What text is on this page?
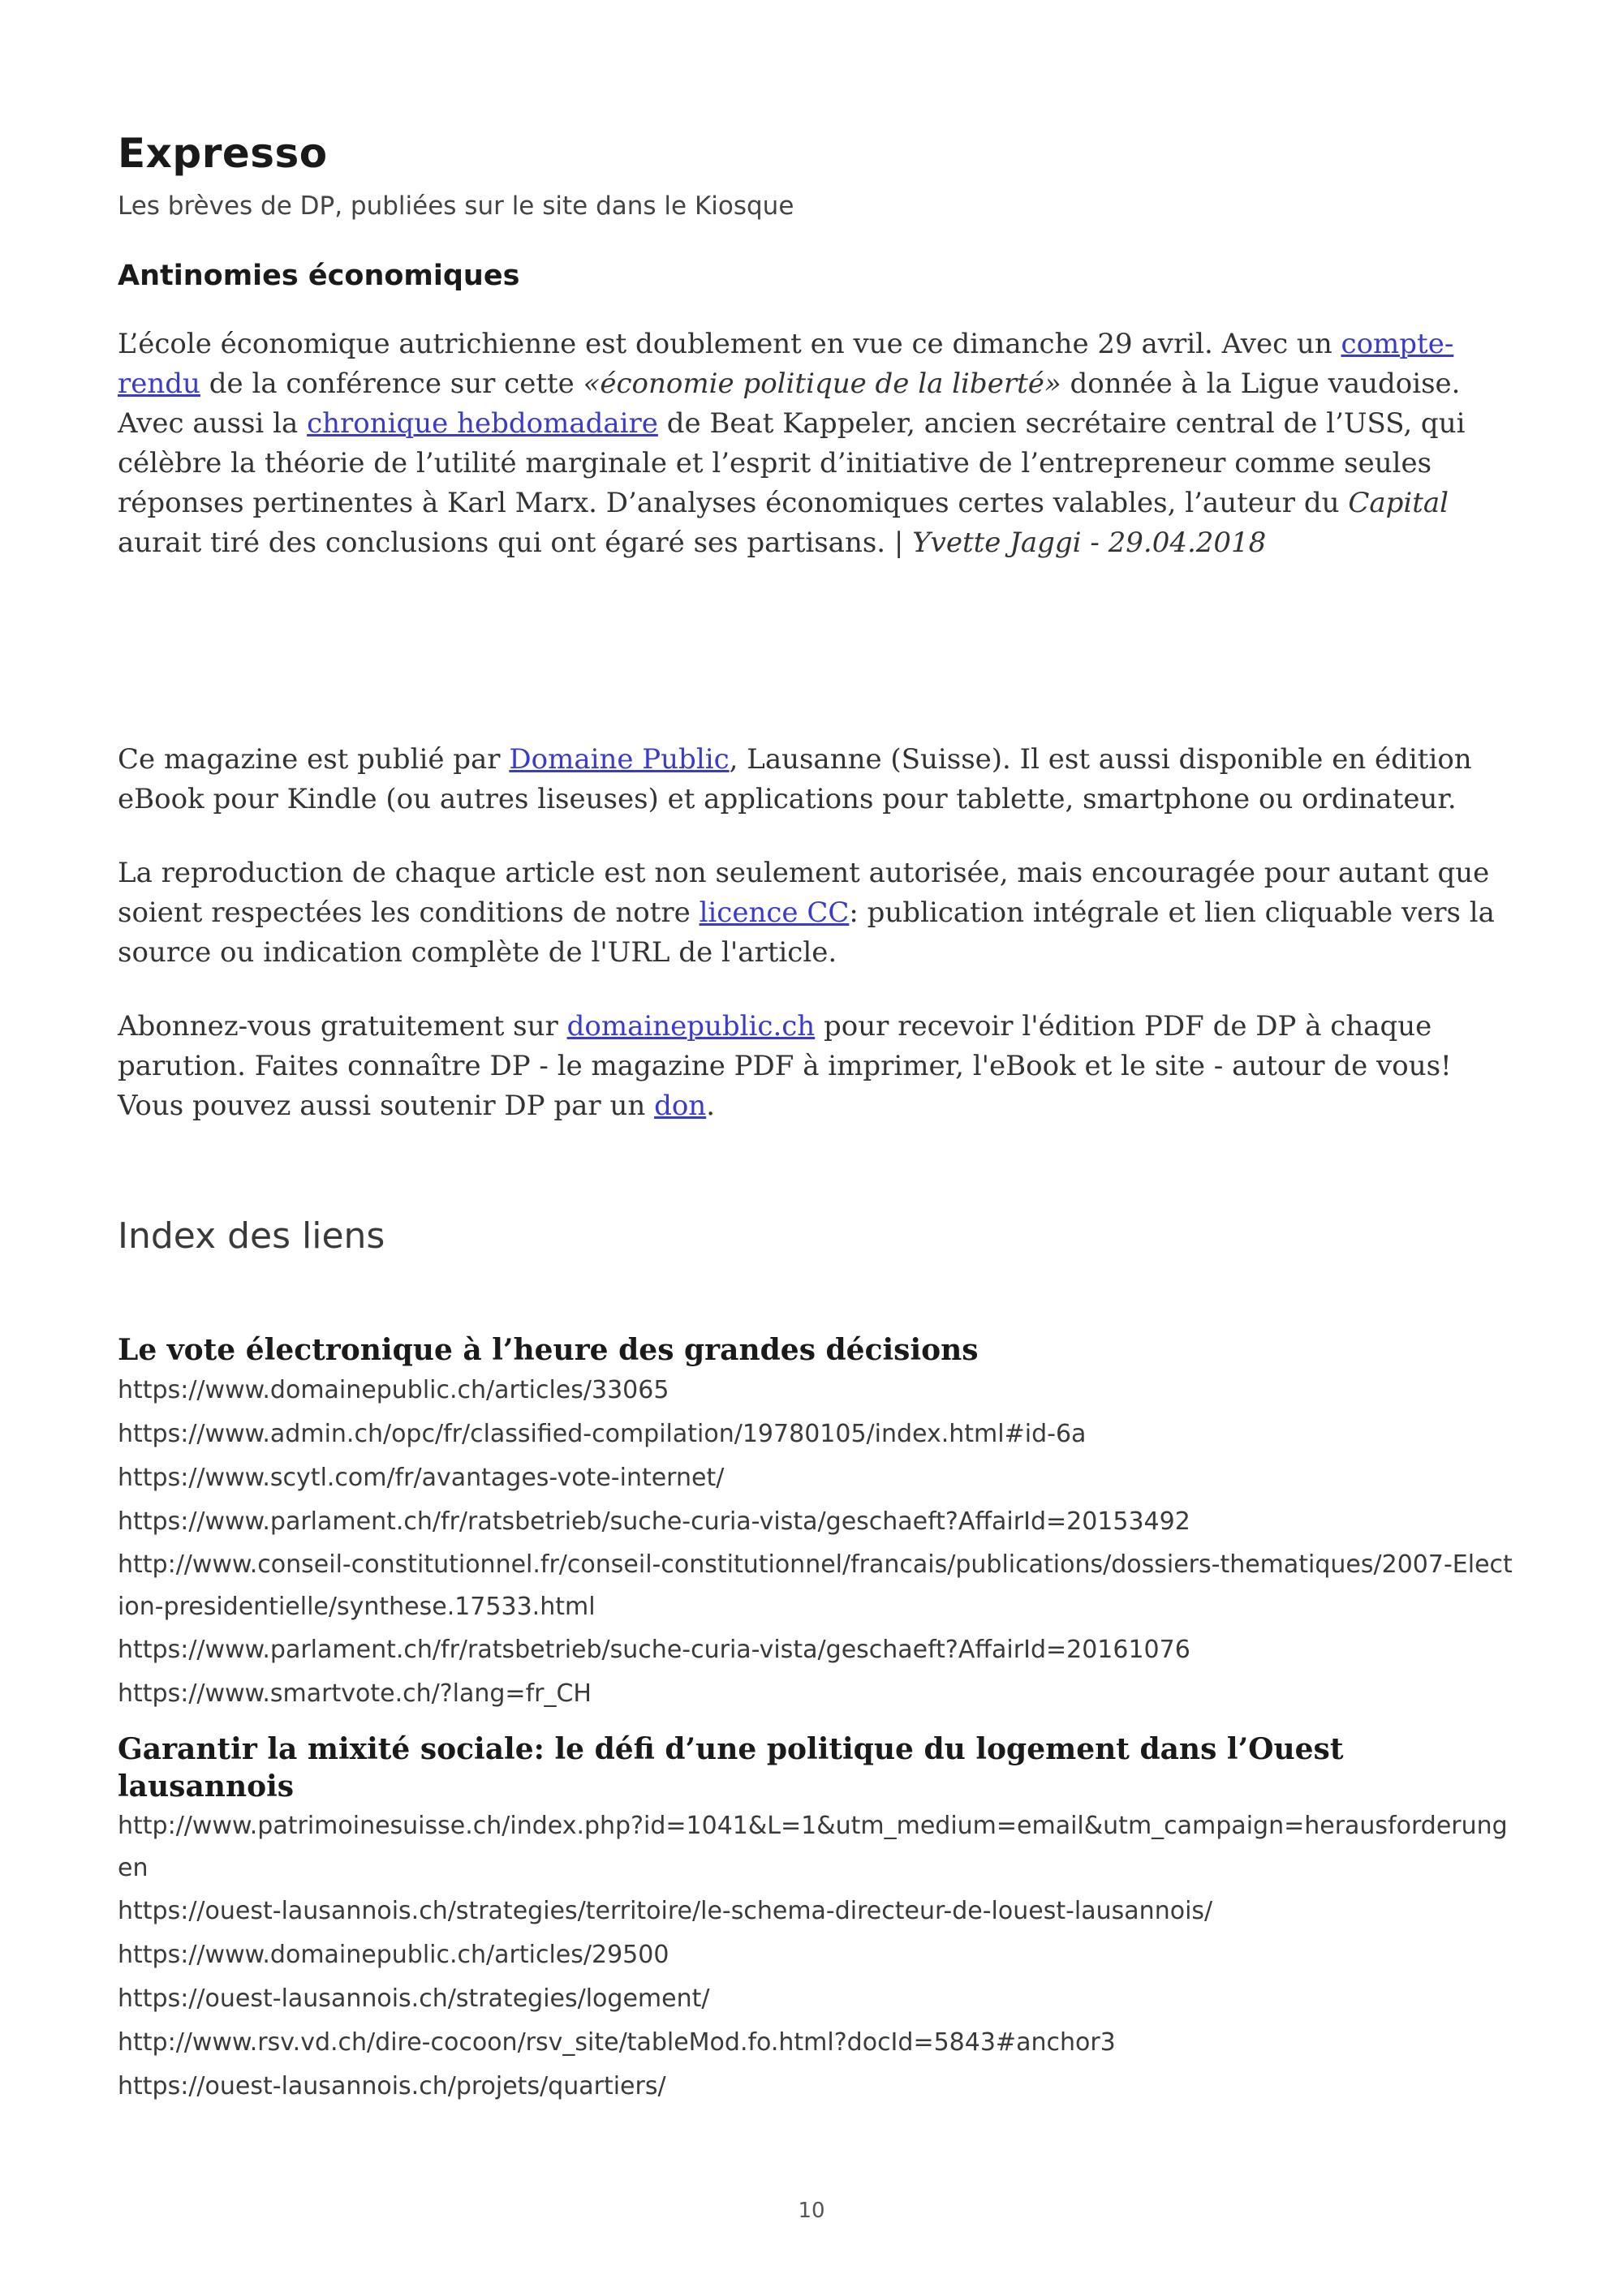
Expresso
Les brèves de DP, publiées sur le site dans le Kiosque
Antinomies économiques
L’école économique autrichienne est doublement en vue ce dimanche 29 avril. Avec un compte-rendu de la conférence sur cette «économie politique de la liberté» donnée à la Ligue vaudoise. Avec aussi la chronique hebdomadaire de Beat Kappeler, ancien secrétaire central de l’USS, qui célèbre la théorie de l’utilité marginale et l’esprit d’initiative de l’entrepreneur comme seules réponses pertinentes à Karl Marx. D’analyses économiques certes valables, l’auteur du Capital aurait tiré des conclusions qui ont égaré ses partisans. | Yvette Jaggi - 29.04.2018
Ce magazine est publié par Domaine Public, Lausanne (Suisse). Il est aussi disponible en édition eBook pour Kindle (ou autres liseuses) et applications pour tablette, smartphone ou ordinateur.
La reproduction de chaque article est non seulement autorisée, mais encouragée pour autant que soient respectées les conditions de notre licence CC: publication intégrale et lien cliquable vers la source ou indication complète de l'URL de l'article.
Abonnez-vous gratuitement sur domainepublic.ch pour recevoir l'édition PDF de DP à chaque parution. Faites connaître DP - le magazine PDF à imprimer, l'eBook et le site - autour de vous! Vous pouvez aussi soutenir DP par un don.
Index des liens
Le vote électronique à l’heure des grandes décisions
https://www.domainepublic.ch/articles/33065
https://www.admin.ch/opc/fr/classified-compilation/19780105/index.html#id-6a
https://www.scytl.com/fr/avantages-vote-internet/
https://www.parlament.ch/fr/ratsbetrieb/suche-curia-vista/geschaeft?AffairId=20153492
http://www.conseil-constitutionnel.fr/conseil-constitutionnel/francais/publications/dossiers-thematiques/2007-Election-presidentielle/synthese.17533.html
https://www.parlament.ch/fr/ratsbetrieb/suche-curia-vista/geschaeft?AffairId=20161076
https://www.smartvote.ch/?lang=fr_CH
Garantir la mixité sociale: le défi d’une politique du logement dans l’Ouest lausannois
http://www.patrimoinesuisse.ch/index.php?id=1041&L=1&utm_medium=email&utm_campaign=herausforderungen
https://ouest-lausannois.ch/strategies/territoire/le-schema-directeur-de-louest-lausannois/
https://www.domainepublic.ch/articles/29500
https://ouest-lausannois.ch/strategies/logement/
http://www.rsv.vd.ch/dire-cocoon/rsv_site/tableMod.fo.html?docId=5843#anchor3
https://ouest-lausannois.ch/projets/quartiers/
10
